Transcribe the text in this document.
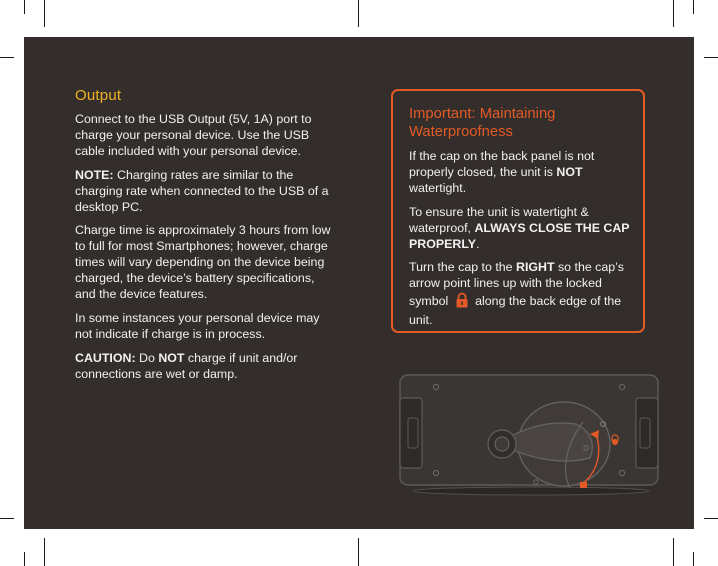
Output

Connect to the USB Output (5V, 1A) port to charge your personal device. Use the USB cable included with your personal device.

NOTE: Charging rates are similar to the charging rate when connected to the USB of a desktop PC.

Charge time is approximately 3 hours from low to full for most Smartphones; however, charge times will vary depending on the device being charged, the device’s battery specifications, and the device features.

In some instances your personal device may not indicate if charge is in process.

CAUTION: Do NOT charge if unit and/or connections are wet or damp.

Important: Maintaining Waterproofness

If the cap on the back panel is not properly closed, the unit is NOT watertight.

To ensure the unit is watertight & waterproof, ALWAYS CLOSE THE CAP PROPERLY.

Turn the cap to the RIGHT so the cap’s arrow point lines up with the locked symbol  along the back edge of the unit.
